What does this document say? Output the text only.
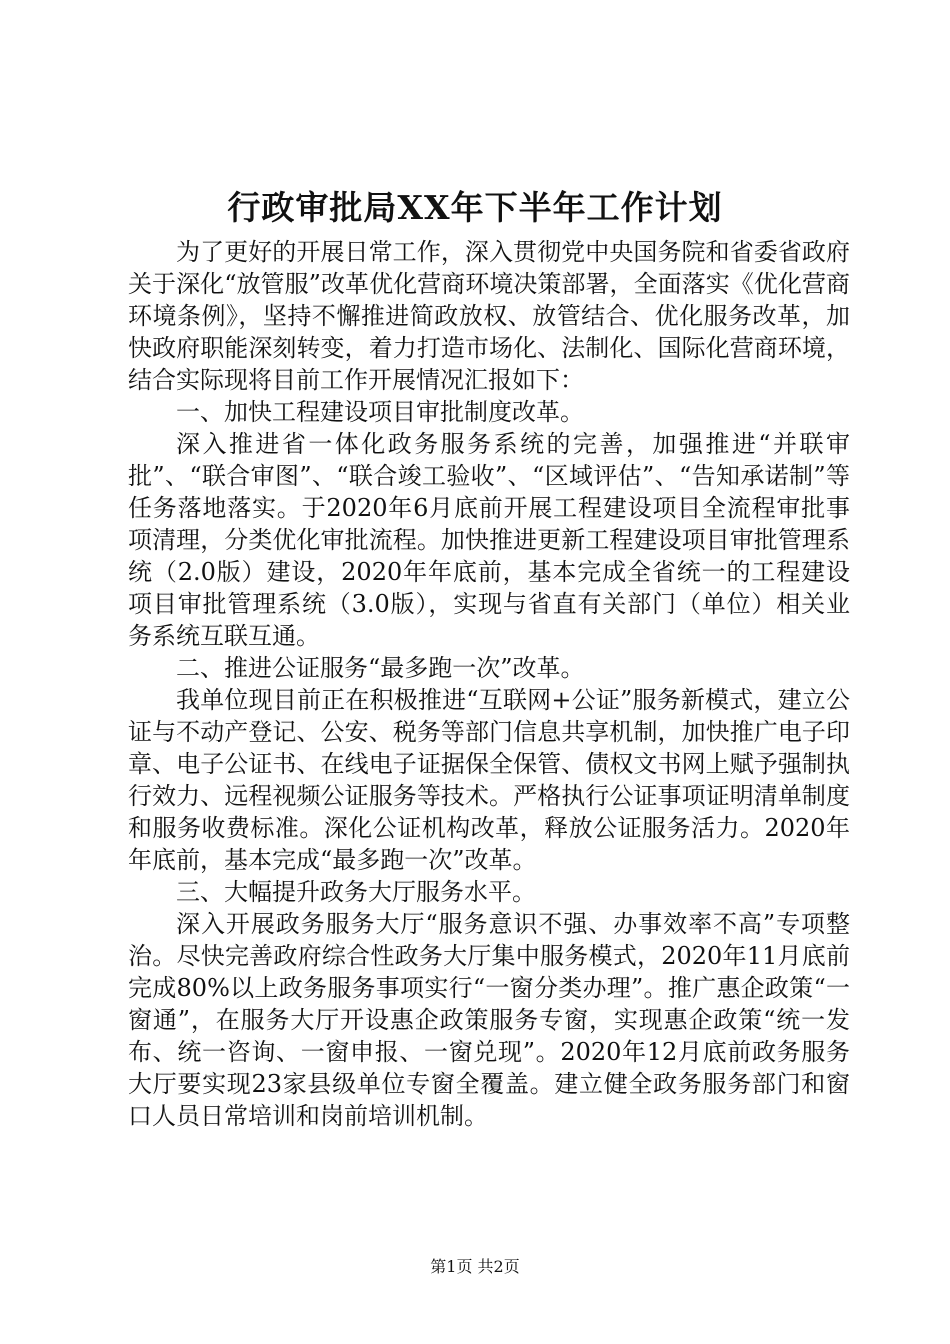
行政审批局XX年下半年工作计划

为了更好的开展日常工作，深入贯彻党中央国务院和省委省政府关于深化“放管服”改革优化营商环境决策部署，全面落实《优化营商环境条例》，坚持不懈推进简政放权、放管结合、优化服务改革，加快政府职能深刻转变，着力打造市场化、法制化、国际化营商环境，结合实际现将目前工作开展情况汇报如下：

一、加快工程建设项目审批制度改革。

深入推进省一体化政务服务系统的完善，加强推进“并联审批”、“联合审图”、“联合竣工验收”、“区域评估”、“告知承诺制”等任务落地落实。于2020年6月底前开展工程建设项目全流程审批事项清理，分类优化审批流程。加快推进更新工程建设项目审批管理系统（2.0版）建设，2020年年底前，基本完成全省统一的工程建设项目审批管理系统（3.0版），实现与省直有关部门（单位）相关业务系统互联互通。

二、推进公证服务“最多跑一次”改革。

我单位现目前正在积极推进“互联网+公证”服务新模式，建立公证与不动产登记、公安、税务等部门信息共享机制，加快推广电子印章、电子公证书、在线电子证据保全保管、债权文书网上赋予强制执行效力、远程视频公证服务等技术。严格执行公证事项证明清单制度和服务收费标准。深化公证机构改革，释放公证服务活力。2020年年底前，基本完成“最多跑一次”改革。

三、大幅提升政务大厅服务水平。

深入开展政务服务大厅“服务意识不强、办事效率不高”专项整治。尽快完善政府综合性政务大厅集中服务模式，2020年11月底前完成80%以上政务服务事项实行“一窗分类办理”。推广惠企政策“一窗通”，在服务大厅开设惠企政策服务专窗，实现惠企政策“统一发布、统一咨询、一窗申报、一窗兑现”。2020年12月底前政务服务大厅要实现23家县级单位专窗全覆盖。建立健全政务服务部门和窗口人员日常培训和岗前培训机制。

第1页 共2页
